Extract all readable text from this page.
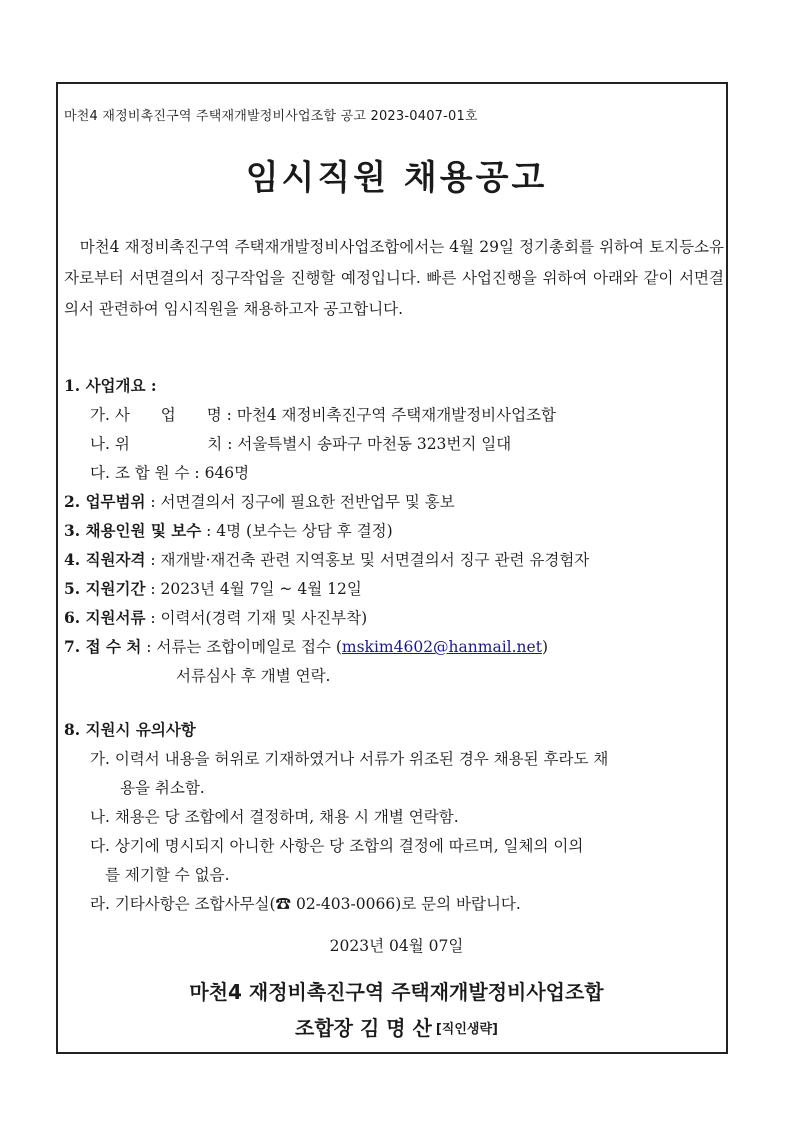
마천4 재정비촉진구역 주택재개발정비사업조합 공고 2023-0407-01호
임시직원 채용공고
　마천4 재정비촉진구역 주택재개발정비사업조합에서는 4월 29일 정기총회를 위하여 토지등소유자로부터 서면결의서 징구작업을 진행할 예정입니다. 빠른 사업진행을 위하여 아래와 같이 서면결의서 관련하여 임시직원을 채용하고자 공고합니다.
1. 사업개요 :
가. 사　　업　　명 : 마천4 재정비촉진구역 주택재개발정비사업조합
나. 위　　　　　치 : 서울특별시 송파구 마천동 323번지 일대
다. 조 합 원 수 : 646명
2. 업무범위 : 서면결의서 징구에 필요한 전반업무 및 홍보
3. 채용인원 및 보수 : 4명 (보수는 상담 후 결정)
4. 직원자격 : 재개발·재건축 관련 지역홍보 및 서면결의서 징구 관련 유경험자
5. 지원기간 : 2023년 4월 7일 ~ 4월 12일
6. 지원서류 : 이력서(경력 기재 및 사진부착)
7. 접 수 처 : 서류는 조합이메일로 접수 (mskim4602@hanmail.net)
서류심사 후 개별 연락.
8. 지원시 유의사항
가. 이력서 내용을 허위로 기재하였거나 서류가 위조된 경우 채용된 후라도 채
용을 취소함.
나. 채용은 당 조합에서 결정하며, 채용 시 개별 연락함.
다. 상기에 명시되지 아니한 사항은 당 조합의 결정에 따르며, 일체의 이의
를 제기할 수 없음.
라. 기타사항은 조합사무실(☎ 02-403-0066)로 문의 바랍니다.
2023년 04월 07일
마천4 재정비촉진구역 주택재개발정비사업조합
조합장 김 명 산 [직인생략]
